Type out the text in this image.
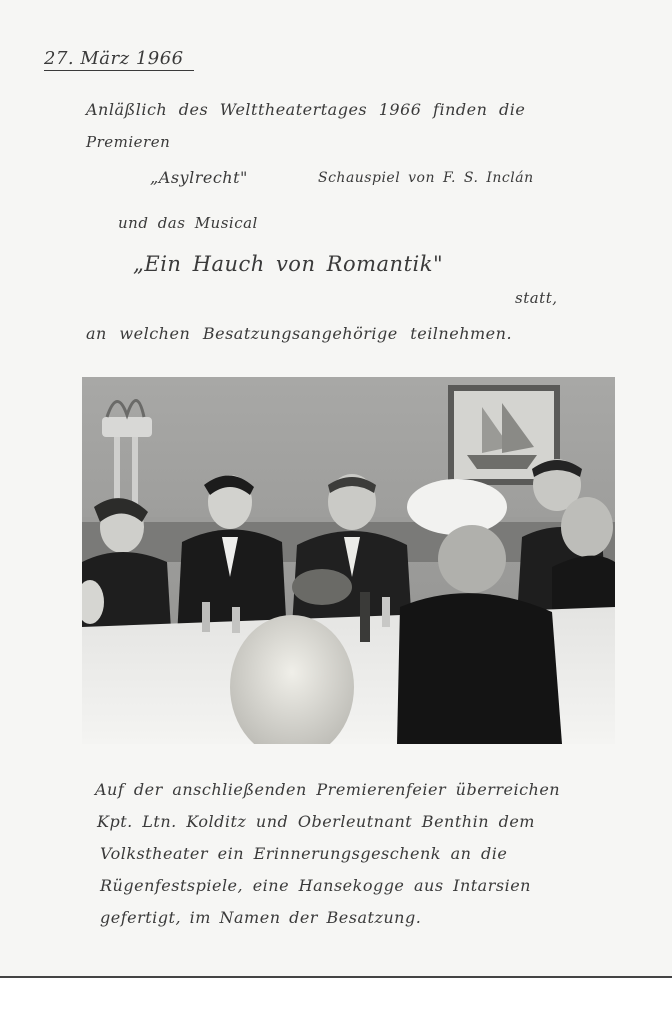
27. März 1966
Anläßlich des Welttheatertages 1966 finden die
Premieren
„Asylrecht"	Schauspiel von F. S. Inclán
und das Musical
„Ein Hauch von Romantik"
statt,
an welchen Besatzungsangehörige teilnehmen.
Auf der anschließenden Premierenfeier überreichen
Kpt. Ltn. Kolditz und Oberleutnant Benthin dem
Volkstheater ein Erinnerungsgeschenk an die
Rügenfestspiele, eine Hansekogge aus Intarsien
gefertigt, im Namen der Besatzung.
